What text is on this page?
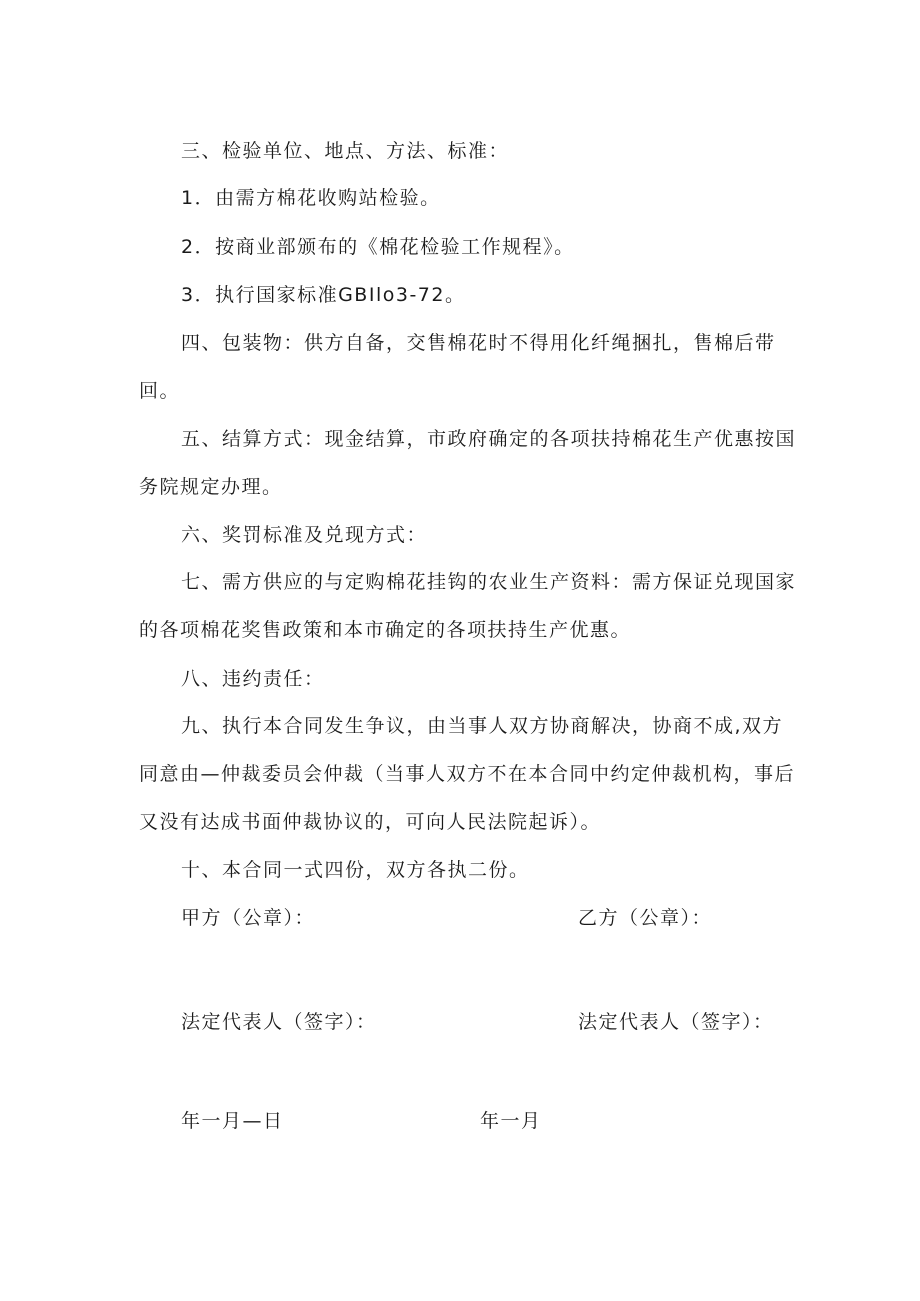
三、检验单位、地点、方法、标准：
1．由需方棉花收购站检验。
2．按商业部颁布的《棉花检验工作规程》。
3．执行国家标准GBIlo3-72。
四、包装物：供方自备，交售棉花时不得用化纤绳捆扎，售棉后带
回。
五、结算方式：现金结算，市政府确定的各项扶持棉花生产优惠按国
务院规定办理。
六、奖罚标准及兑现方式：
七、需方供应的与定购棉花挂钩的农业生产资料：需方保证兑现国家
的各项棉花奖售政策和本市确定的各项扶持生产优惠。
八、违约责任：
九、执行本合同发生争议，由当事人双方协商解决，协商不成,双方
同意由—仲裁委员会仲裁（当事人双方不在本合同中约定仲裁机构，事后
又没有达成书面仲裁协议的，可向人民法院起诉）。
十、本合同一式四份，双方各执二份。
甲方（公章）：	乙方（公章）：
法定代表人（签字）：	法定代表人（签字）：
年一月—日	年一月
